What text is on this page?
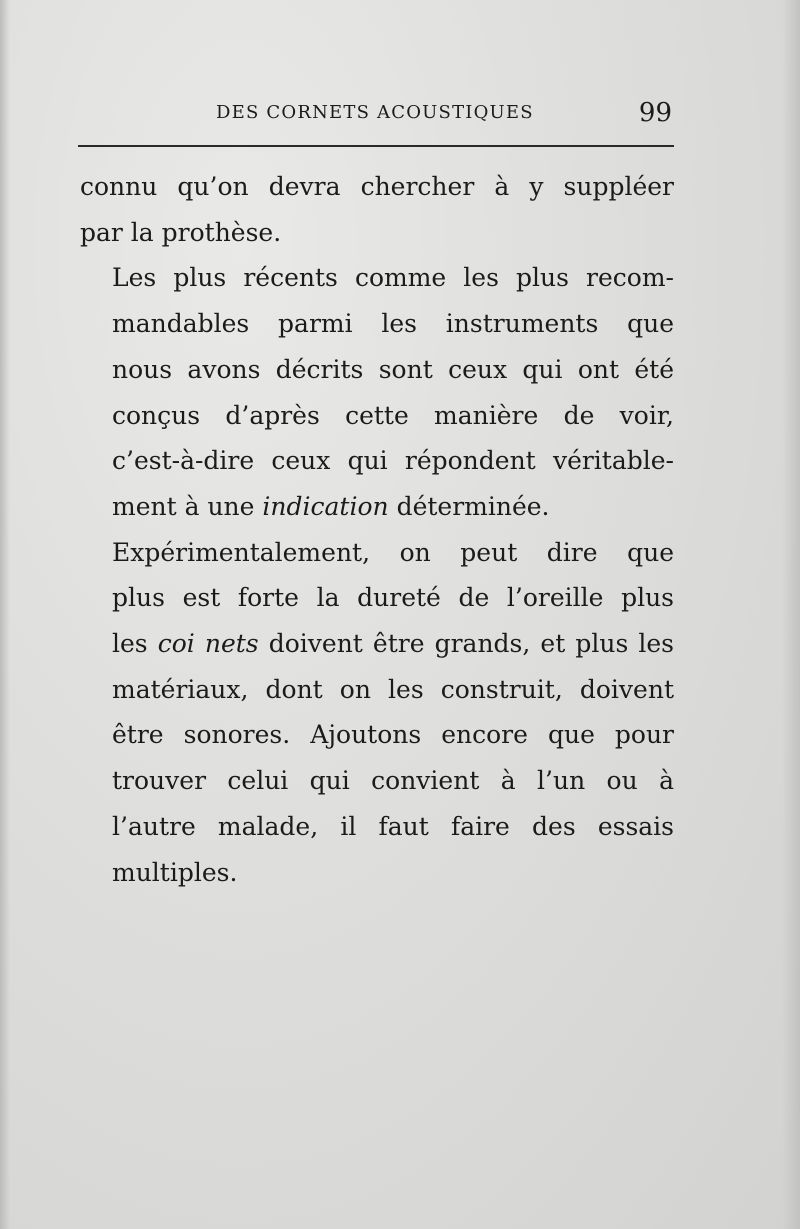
DES CORNETS ACOUSTIQUES	99

connu qu’on devra chercher à y suppléer
par la prothèse.

Les plus récents comme les plus recom-
mandables parmi les instruments que
nous avons décrits sont ceux qui ont été
conçus d’après cette manière de voir,
c’est-à-dire ceux qui répondent véritable-
ment à une indication déterminée.

Expérimentalement, on peut dire que
plus est forte la dureté de l’oreille plus
les coi nets doivent être grands, et plus les
matériaux, dont on les construit, doivent
être sonores. Ajoutons encore que pour
trouver celui qui convient à l’un ou à
l’autre malade, il faut faire des essais
multiples.
